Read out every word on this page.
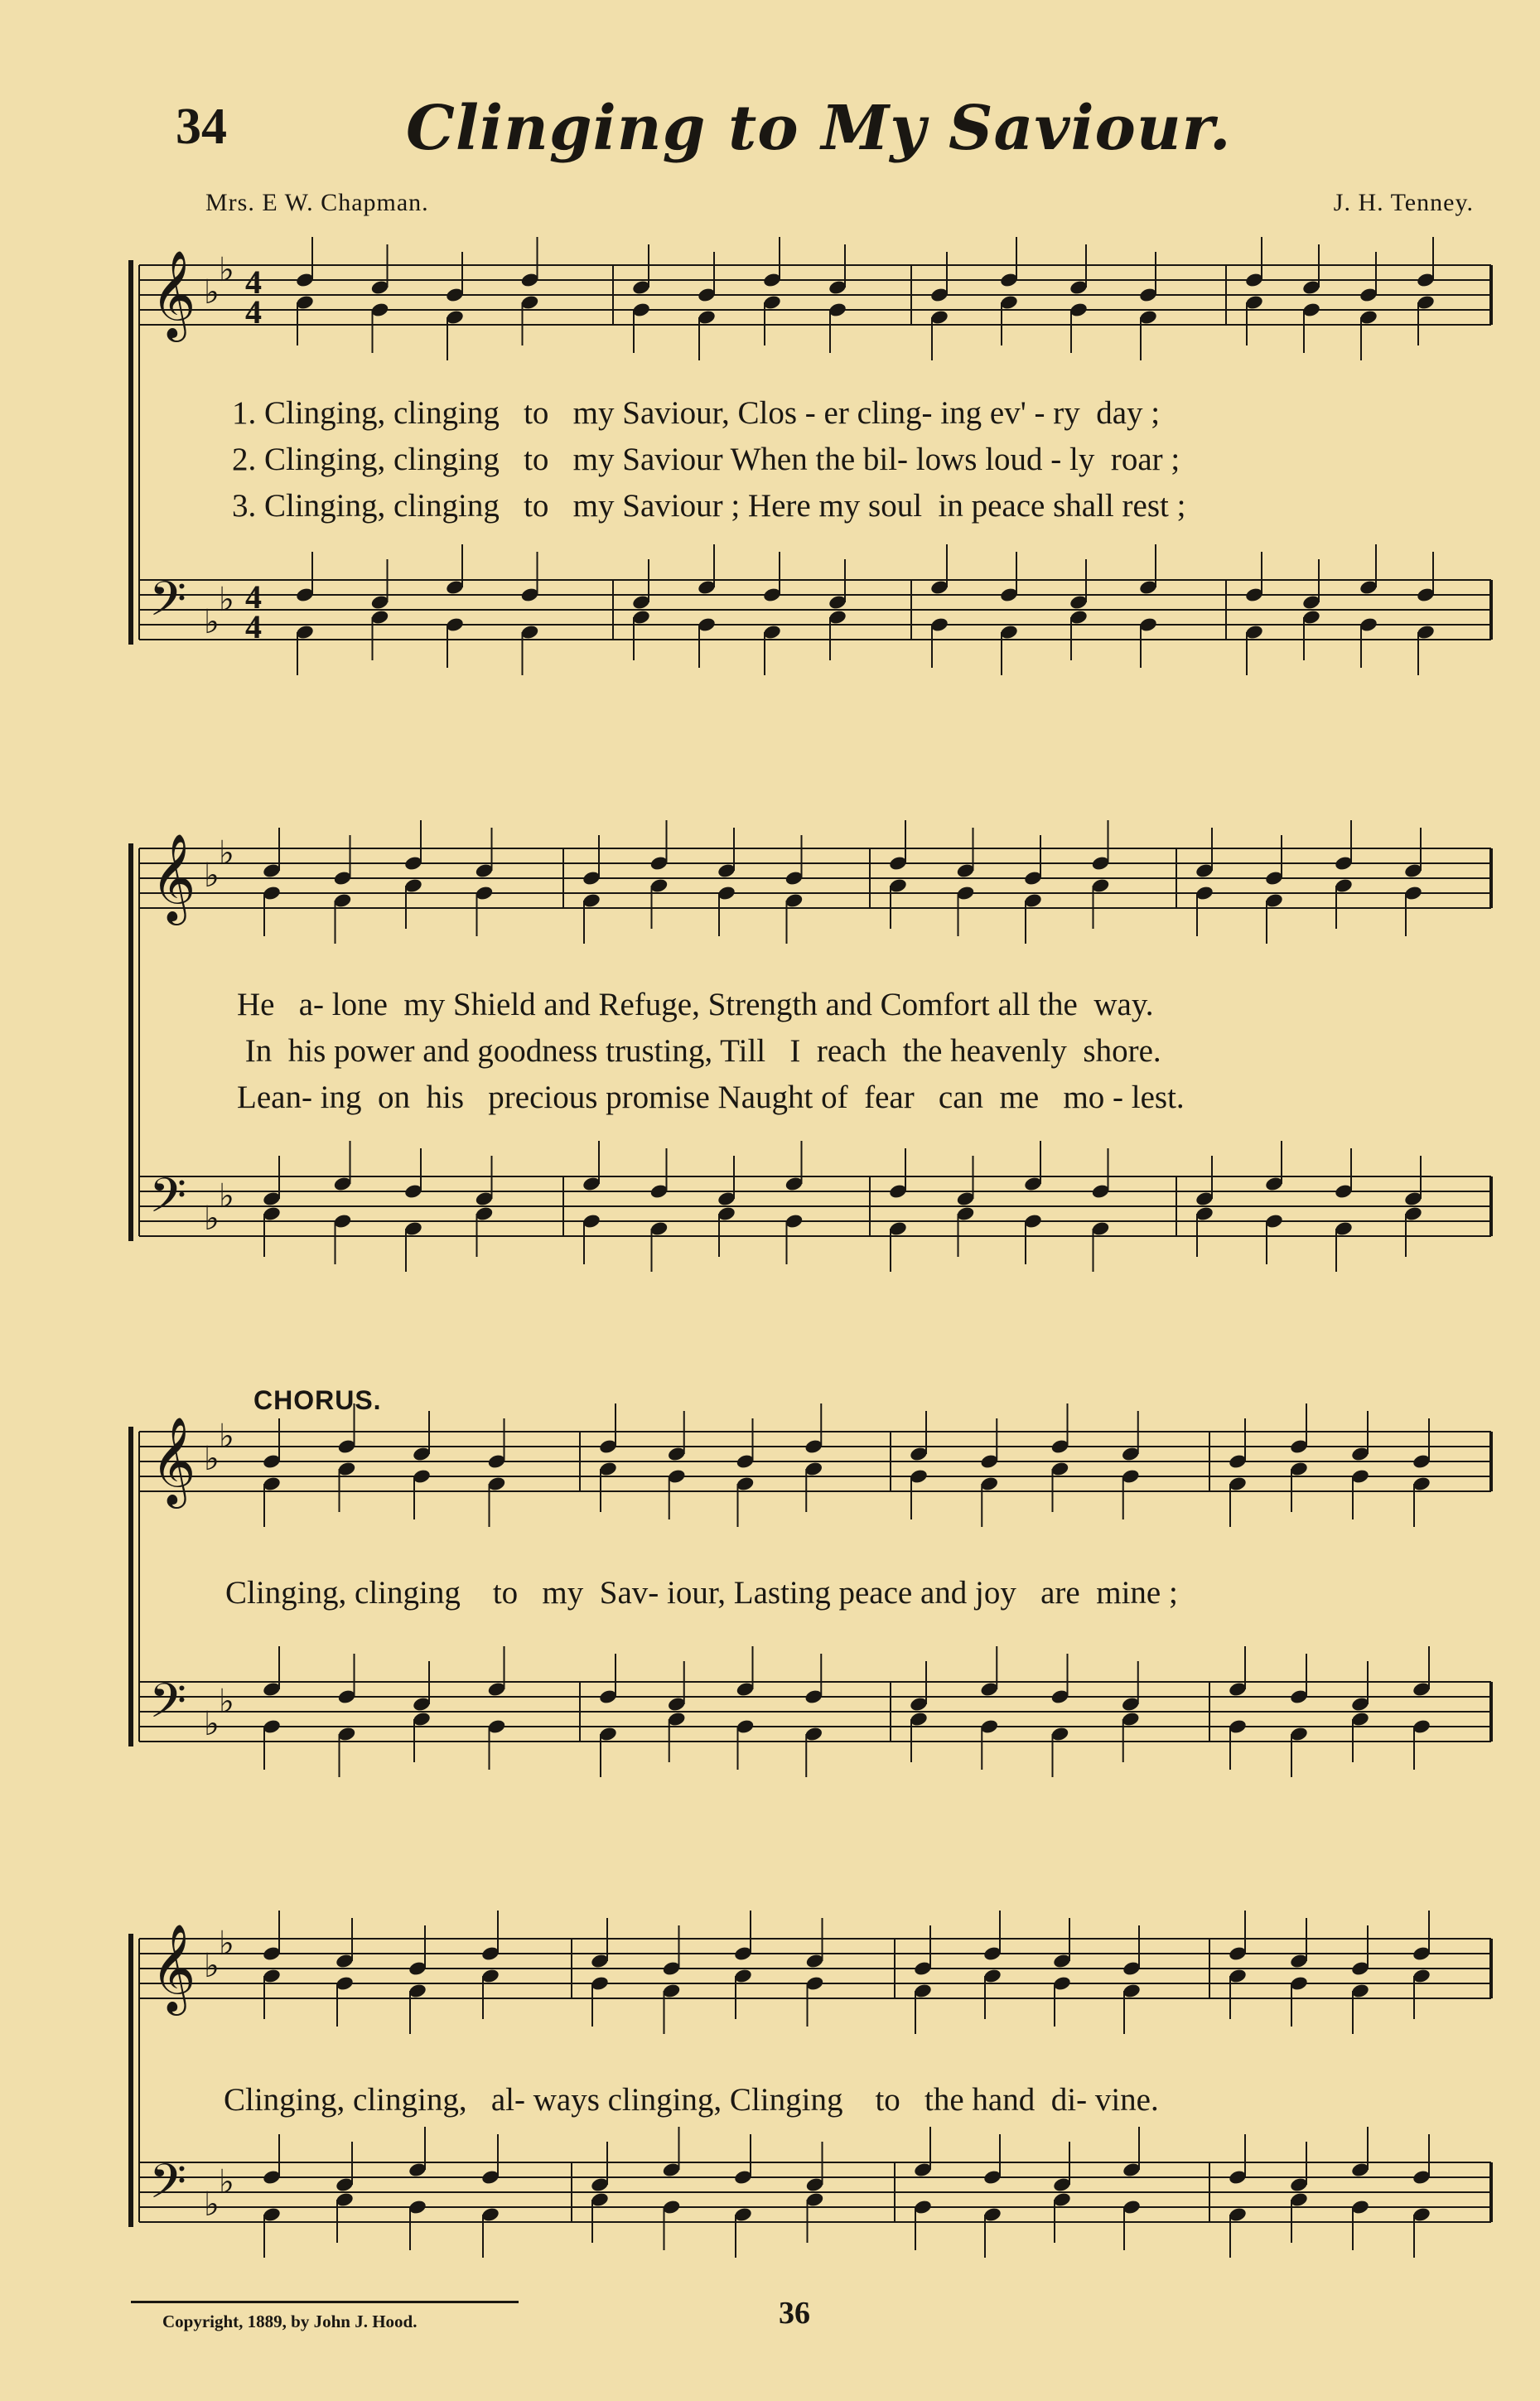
𝄞
𝄢
♭
♭
♭
♭
4
4
4
4
𝄞
𝄢
♭
♭
♭
♭
𝄞
𝄢
♭
♭
♭
♭
𝄞
𝄢
♭
♭
♭
♭
34	Clinging to My Saviour.
Mrs. E W. Chapman.	J. H. Tenney.
1. Clinging, clinging   to   my Saviour, Clos - er cling- ing ev' - ry  day ;
2. Clinging, clinging   to   my Saviour When the bil- lows loud - ly  roar ;
3. Clinging, clinging   to   my Saviour ; Here my soul  in peace shall rest ;
He   a- lone  my Shield and Refuge, Strength and Comfort all the  way.
In  his power and goodness trusting, Till   I  reach  the heavenly  shore.
Lean- ing  on  his   precious promise Naught of  fear   can  me   mo - lest.
CHORUS.
Clinging, clinging    to   my  Sav- iour, Lasting peace and joy   are  mine ;
Clinging, clinging,   al- ways clinging, Clinging    to   the hand  di- vine.
Copyright, 1889, by John J. Hood.	36
